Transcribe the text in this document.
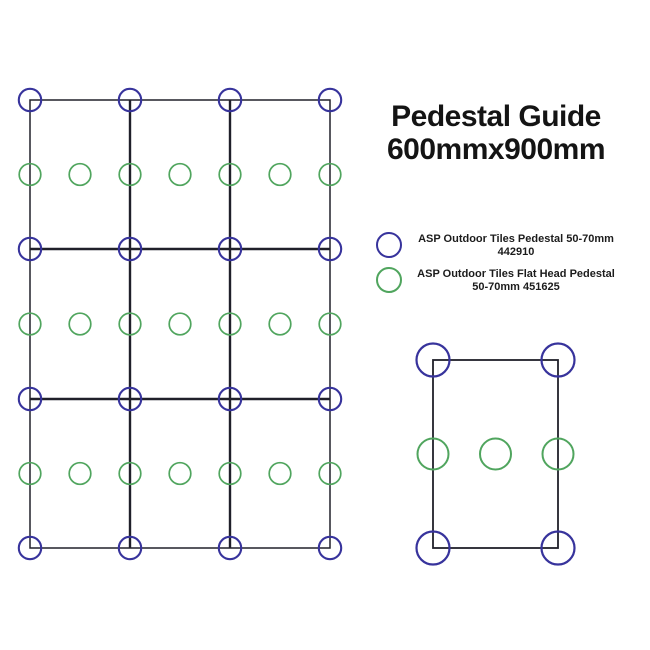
Pedestal Guide
600mmx900mm
ASP Outdoor Tiles Pedestal 50-70mm
442910
ASP Outdoor Tiles Flat Head Pedestal
50-70mm 451625
